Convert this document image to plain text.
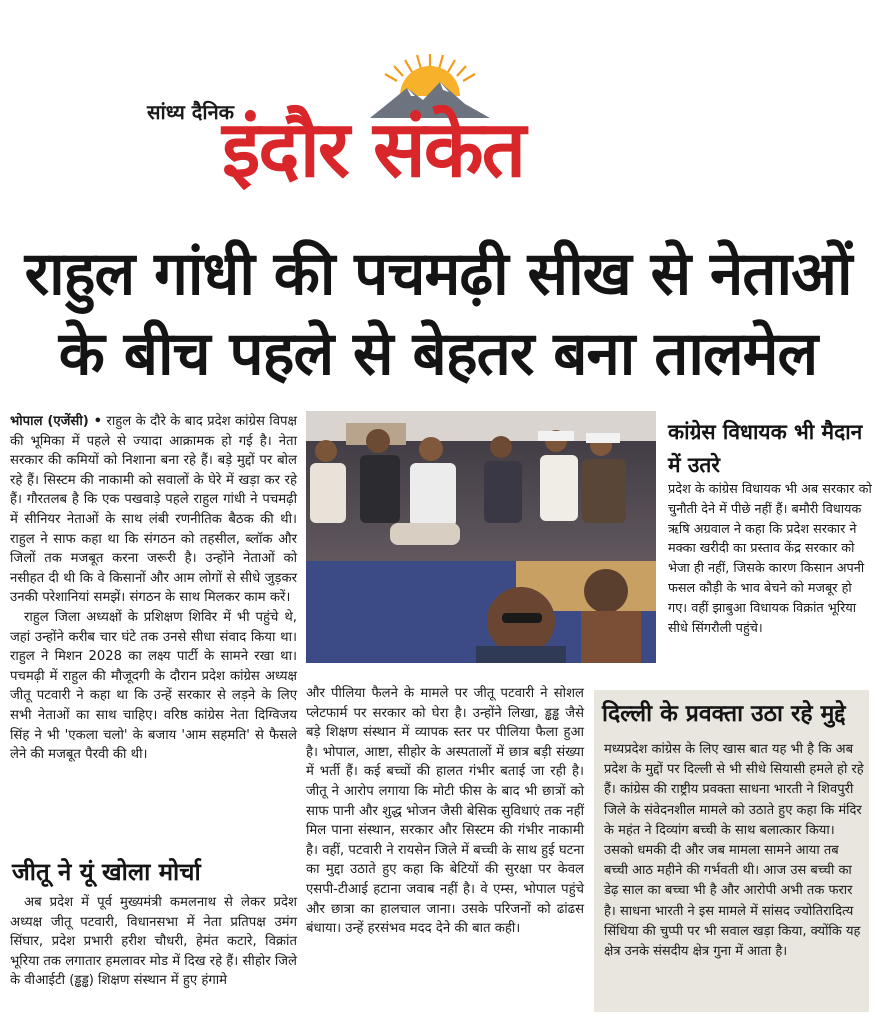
सांध्य दैनिक
इंदौर संकेत
राहुल गांधी की पचमढ़ी सीख से नेताओं
के बीच पहले से बेहतर बना तालमेल

भोपाल (एजेंसी) • राहुल के दौरे के बाद प्रदेश कांग्रेस विपक्ष की भूमिका में पहले से ज्यादा आक्रामक हो गई है। नेता सरकार की कमियों को निशाना बना रहे हैं। बड़े मुद्दों पर बोल रहे हैं। सिस्टम की नाकामी को सवालों के घेरे में खड़ा कर रहे हैं। गौरतलब है कि एक पखवाड़े पहले राहुल गांधी ने पचमढ़ी में सीनियर नेताओं के साथ लंबी रणनीतिक बैठक की थी। राहुल ने साफ कहा था कि संगठन को तहसील, ब्लॉक और जिलों तक मजबूत करना जरूरी है। उन्होंने नेताओं को नसीहत दी थी कि वे किसानों और आम लोगों से सीधे जुड़कर उनकी परेशानियां समझें। संगठन के साथ मिलकर काम करें।

राहुल जिला अध्यक्षों के प्रशिक्षण शिविर में भी पहुंचे थे, जहां उन्होंने करीब चार घंटे तक उनसे सीधा संवाद किया था। राहुल ने मिशन 2028 का लक्ष्य पार्टी के सामने रखा था। पचमढ़ी में राहुल की मौजूदगी के दौरान प्रदेश कांग्रेस अध्यक्ष जीतू पटवारी ने कहा था कि उन्हें सरकार से लड़ने के लिए सभी नेताओं का साथ चाहिए। वरिष्ठ कांग्रेस नेता दिग्विजय सिंह ने भी 'एकला चलो' के बजाय 'आम सहमति' से फैसले लेने की मजबूत पैरवी की थी।

जीतू ने यूं खोला मोर्चा

अब प्रदेश में पूर्व मुख्यमंत्री कमलनाथ से लेकर प्रदेश अध्यक्ष जीतू पटवारी, विधानसभा में नेता प्रतिपक्ष उमंग सिंघार, प्रदेश प्रभारी हरीश चौधरी, हेमंत कटारे, विक्रांत भूरिया तक लगातार हमलावर मोड में दिख रहे हैं। सीहोर जिले के वीआईटी (ड्ढड्ढ) शिक्षण संस्थान में हुए हंगामे

और पीलिया फैलने के मामले पर जीतू पटवारी ने सोशल प्लेटफार्म पर सरकार को घेरा है। उन्होंने लिखा, ड्ढड्ढ जैसे बड़े शिक्षण संस्थान में व्यापक स्तर पर पीलिया फैला हुआ है। भोपाल, आष्टा, सीहोर के अस्पतालों में छात्र बड़ी संख्या में भर्ती हैं। कई बच्चों की हालत गंभीर बताई जा रही है। जीतू ने आरोप लगाया कि मोटी फीस के बाद भी छात्रों को साफ पानी और शुद्ध भोजन जैसी बेसिक सुविधाएं तक नहीं मिल पाना संस्थान, सरकार और सिस्टम की गंभीर नाकामी है। वहीं, पटवारी ने रायसेन जिले में बच्ची के साथ हुई घटना का मुद्दा उठाते हुए कहा कि बेटियों की सुरक्षा पर केवल एसपी-टीआई हटाना जवाब नहीं है। वे एम्स, भोपाल पहुंचे और छात्रा का हालचाल जाना। उसके परिजनों को ढांढस बंधाया। उन्हें हरसंभव मदद देने की बात कही।

कांग्रेस विधायक भी मैदान में उतरे
प्रदेश के कांग्रेस विधायक भी अब सरकार को चुनौती देने में पीछे नहीं हैं। बमौरी विधायक ऋषि अग्रवाल ने कहा कि प्रदेश सरकार ने मक्का खरीदी का प्रस्ताव केंद्र सरकार को भेजा ही नहीं, जिसके कारण किसान अपनी फसल कौड़ी के भाव बेचने को मजबूर हो गए। वहीं झाबुआ विधायक विक्रांत भूरिया सीधे सिंगरौली पहुंचे।
दिल्ली के प्रवक्ता उठा रहे मुद्दे
मध्यप्रदेश कांग्रेस के लिए खास बात यह भी है कि अब प्रदेश के मुद्दों पर दिल्ली से भी सीधे सियासी हमले हो रहे हैं। कांग्रेस की राष्ट्रीय प्रवक्ता साधना भारती ने शिवपुरी जिले के संवेदनशील मामले को उठाते हुए कहा कि मंदिर के महंत ने दिव्यांग बच्ची के साथ बलात्कार किया। उसको धमकी दी और जब मामला सामने आया तब बच्ची आठ महीने की गर्भवती थी। आज उस बच्ची का डेढ़ साल का बच्चा भी है और आरोपी अभी तक फरार है। साधना भारती ने इस मामले में सांसद ज्योतिरादित्य सिंधिया की चुप्पी पर भी सवाल खड़ा किया, क्योंकि यह क्षेत्र उनके संसदीय क्षेत्र गुना में आता है।
